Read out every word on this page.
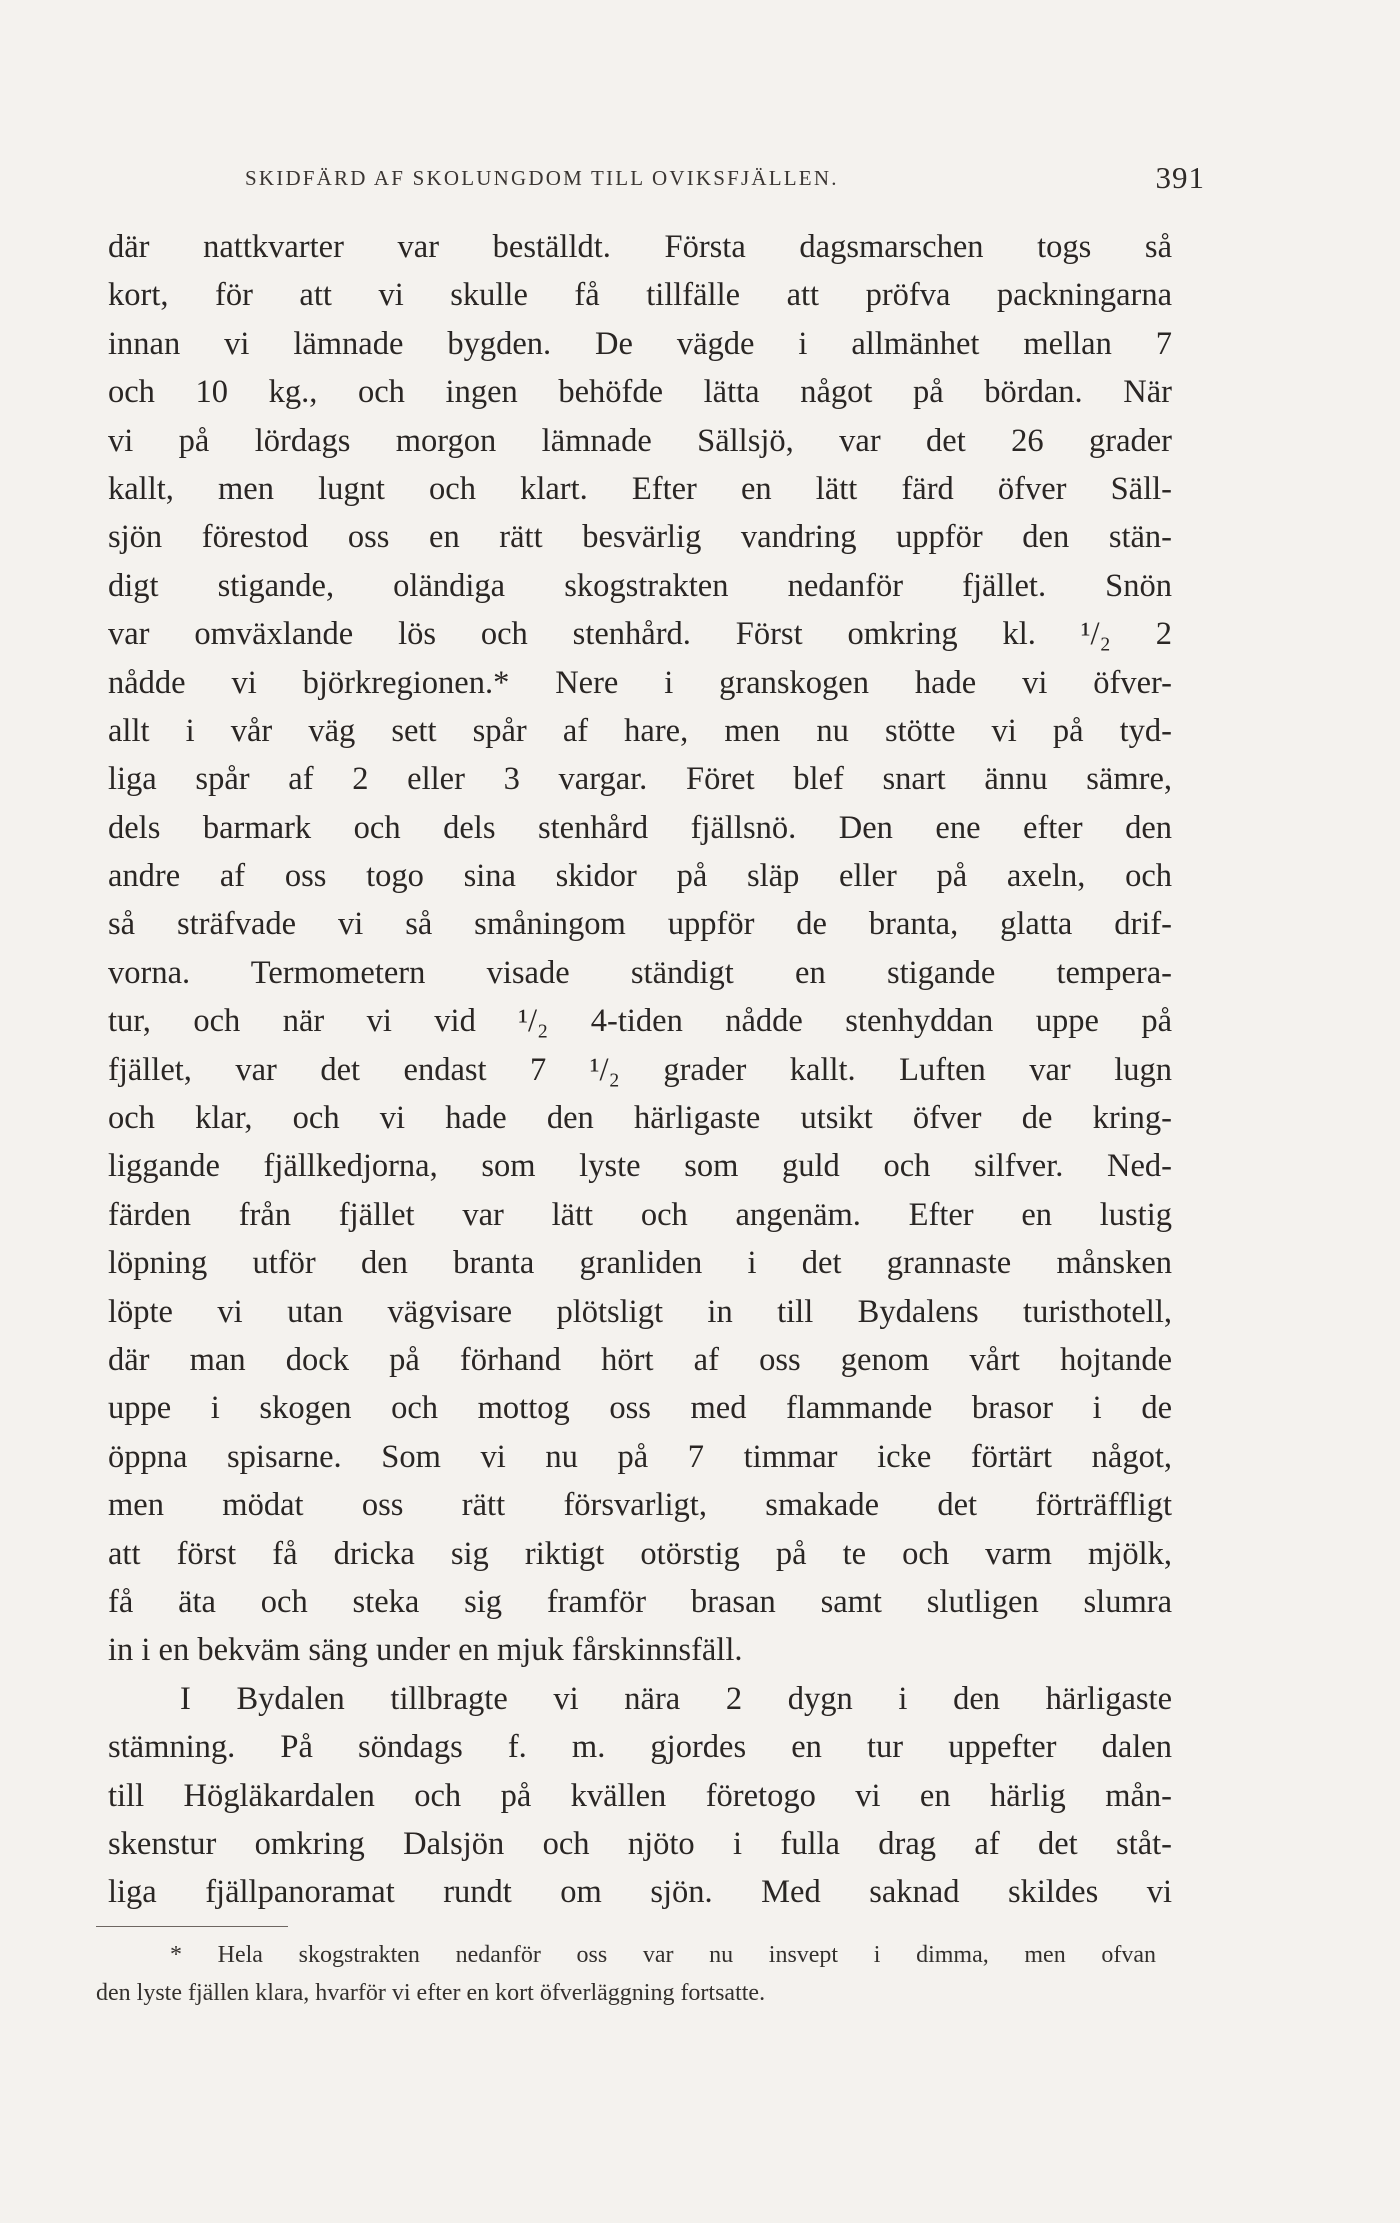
SKIDFÄRD AF SKOLUNGDOM TILL OVIKSFJÄLLEN.	391
där nattkvarter var beställdt. Första dagsmarschen togs så
kort, för att vi skulle få tillfälle att pröfva packningarna
innan vi lämnade bygden. De vägde i allmänhet mellan 7
och 10 kg., och ingen behöfde lätta något på bördan. När
vi på lördags morgon lämnade Sällsjö, var det 26 grader
kallt, men lugnt och klart. Efter en lätt färd öfver Säll-
sjön förestod oss en rätt besvärlig vandring uppför den stän-
digt stigande, oländiga skogstrakten nedanför fjället. Snön
var omväxlande lös och stenhård. Först omkring kl. ¹/₂ 2
nådde vi björkregionen.* Nere i granskogen hade vi öfver-
allt i vår väg sett spår af hare, men nu stötte vi på tyd-
liga spår af 2 eller 3 vargar. Föret blef snart ännu sämre,
dels barmark och dels stenhård fjällsnö. Den ene efter den
andre af oss togo sina skidor på släp eller på axeln, och
så sträfvade vi så småningom uppför de branta, glatta drif-
vorna. Termometern visade ständigt en stigande tempera-
tur, och när vi vid ¹/₂ 4-tiden nådde stenhyddan uppe på
fjället, var det endast 7 ¹/₂ grader kallt. Luften var lugn
och klar, och vi hade den härligaste utsikt öfver de kring-
liggande fjällkedjorna, som lyste som guld och silfver. Ned-
färden från fjället var lätt och angenäm. Efter en lustig
löpning utför den branta granliden i det grannaste månsken
löpte vi utan vägvisare plötsligt in till Bydalens turisthotell,
där man dock på förhand hört af oss genom vårt hojtande
uppe i skogen och mottog oss med flammande brasor i de
öppna spisarne. Som vi nu på 7 timmar icke förtärt något,
men mödat oss rätt försvarligt, smakade det förträffligt
att först få dricka sig riktigt otörstig på te och varm mjölk,
få äta och steka sig framför brasan samt slutligen slumra
in i en bekväm säng under en mjuk fårskinnsfäll.
I Bydalen tillbragte vi nära 2 dygn i den härligaste
stämning. På söndags f. m. gjordes en tur uppefter dalen
till Högläkardalen och på kvällen företogo vi en härlig mån-
skenstur omkring Dalsjön och njöto i fulla drag af det ståt-
liga fjällpanoramat rundt om sjön. Med saknad skildes vi
* Hela skogstrakten nedanför oss var nu insvept i dimma, men ofvan
den lyste fjällen klara, hvarför vi efter en kort öfverläggning fortsatte.
